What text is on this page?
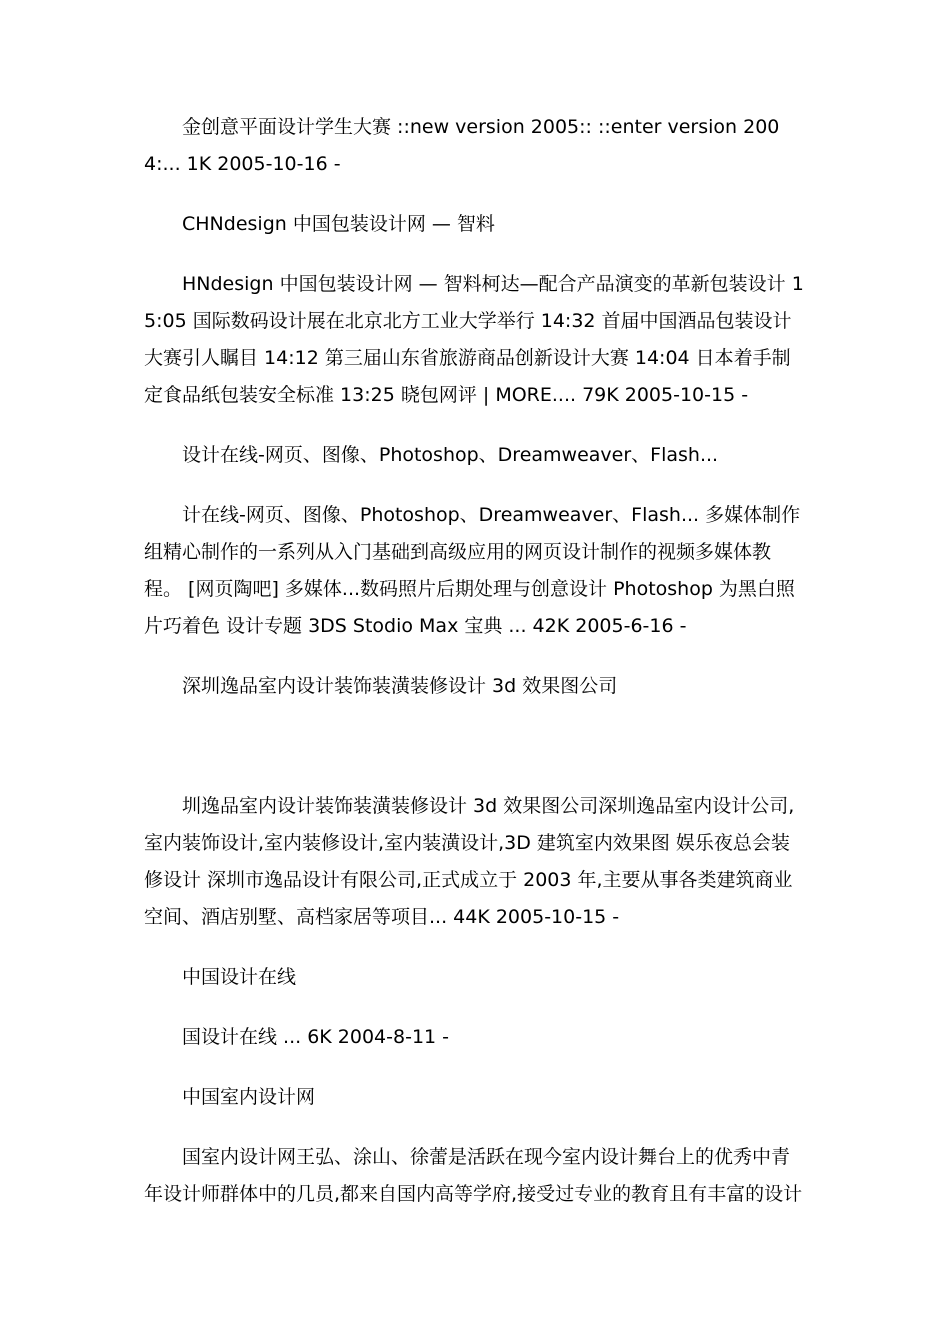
金创意平面设计学生大赛 ::new version 2005:: ::enter version 2004:... 1K 2005-10-16 -

CHNdesign 中国包装设计网 — 智料

HNdesign 中国包装设计网 — 智料柯达—配合产品演变的革新包装设计 15:05 国际数码设计展在北京北方工业大学举行 14:32 首届中国酒品包装设计大赛引人瞩目 14:12 第三届山东省旅游商品创新设计大赛 14:04 日本着手制定食品纸包装安全标准 13:25 晓包网评 | MORE.... 79K 2005-10-15 -

设计在线-网页、图像、Photoshop、Dreamweaver、Flash...

计在线-网页、图像、Photoshop、Dreamweaver、Flash... 多媒体制作组精心制作的一系列从入门基础到高级应用的网页设计制作的视频多媒体教程。 [网页陶吧] 多媒体...数码照片后期处理与创意设计 Photoshop 为黑白照片巧着色 设计专题 3DS Stodio Max 宝典 ... 42K 2005-6-16 -

深圳逸品室内设计装饰装潢装修设计 3d 效果图公司

圳逸品室内设计装饰装潢装修设计 3d 效果图公司深圳逸品室内设计公司,室内装饰设计,室内装修设计,室内装潢设计,3D 建筑室内效果图 娱乐夜总会装修设计 深圳市逸品设计有限公司,正式成立于 2003 年,主要从事各类建筑商业空间、酒店别墅、高档家居等项目... 44K 2005-10-15 -

中国设计在线

国设计在线 ... 6K 2004-8-11 -

中国室内设计网

国室内设计网王弘、涂山、徐蕾是活跃在现今室内设计舞台上的优秀中青年设计师群体中的几员,都来自国内高等学府,接受过专业的教育且有丰富的设计
